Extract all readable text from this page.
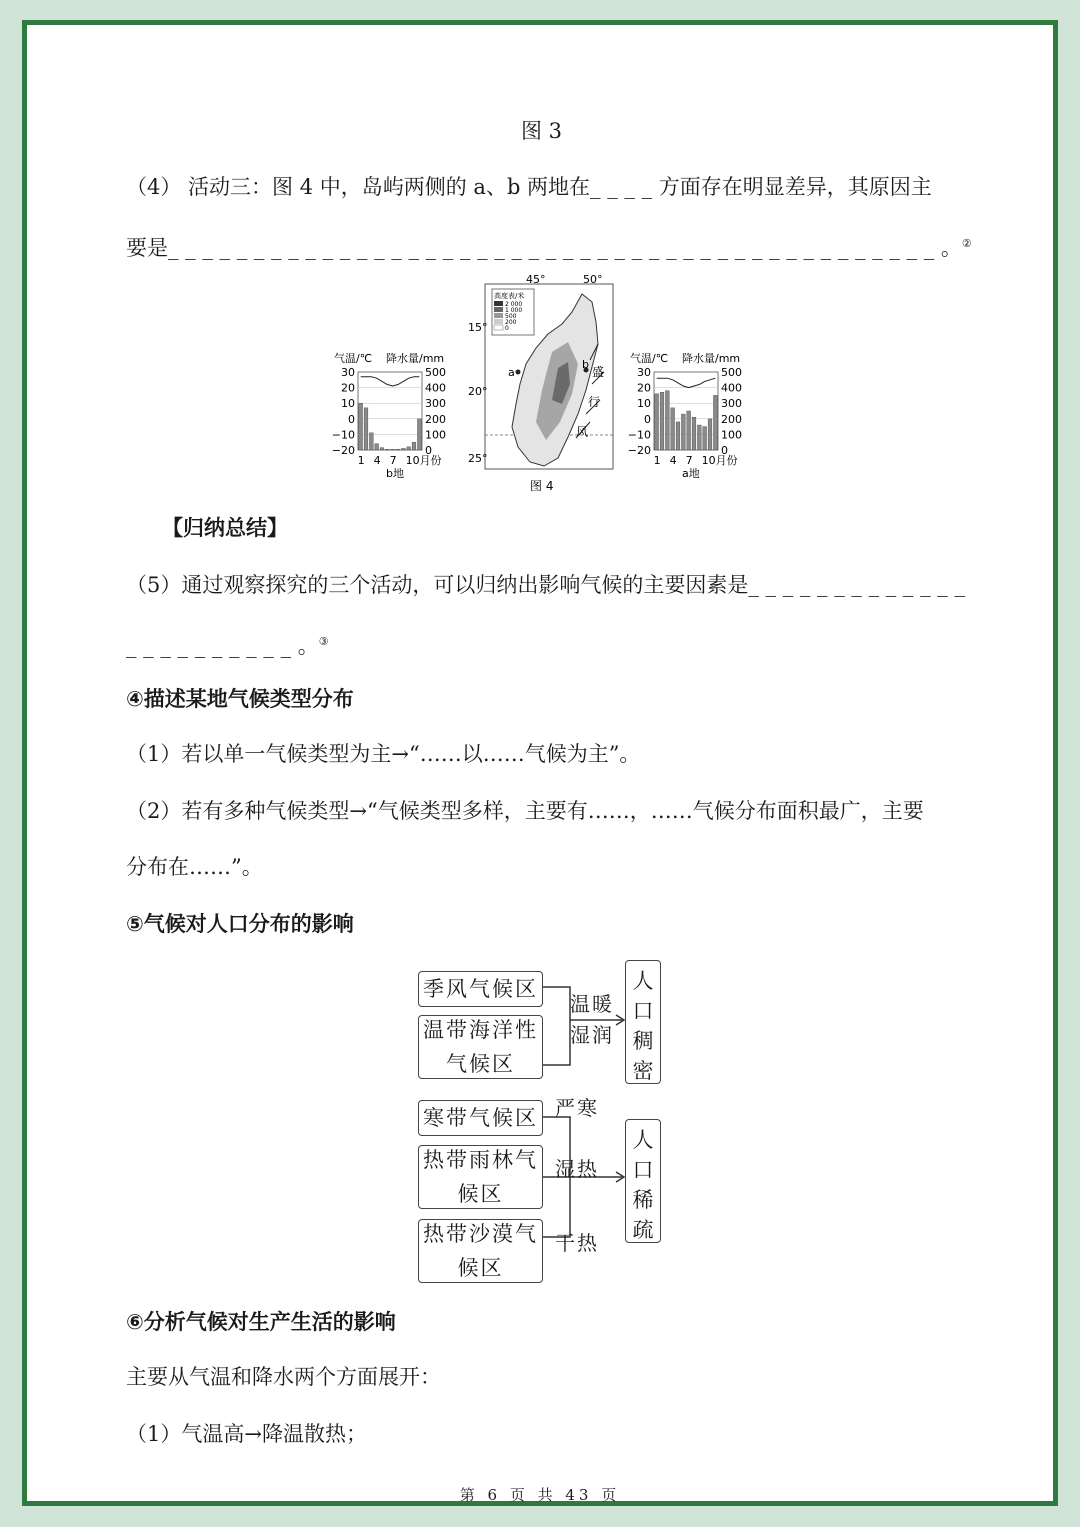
图 3
（4） 活动三：图 4 中，岛屿两侧的 a、b 两地在_ _ _ _ 方面存在明显差异，其原因主
要是_ _ _ _ _ _ _ _ _ _ _ _ _ _ _ _ _ _ _ _ _ _ _ _ _ _ _ _ _ _ _ _ _ _ _ _ _ _ _ _ _ _ _ _ _ 。②
气温/℃ 降水量/mm
30
20
10
0
−10
−20
500
400
300
200
100
0
1 4 7 10月份
b地
45°	50°
15°
20°
25°
高度表/米
2 000
1 000
500
200
0
a
b
盛
行
风
图 4
气温/℃ 降水量/mm
30
20
10
0
−10
−20
500
400
300
200
100
0
1 4 7 10月份
a地
【归纳总结】
（5）通过观察探究的三个活动，可以归纳出影响气候的主要因素是_ _ _ _ _ _ _ _ _ _ _ _ _
_ _ _ _ _ _ _ _ _ _ 。③
④描述某地气候类型分布
（1）若以单一气候类型为主→“……以……气候为主”。
（2）若有多种气候类型→“气候类型多样，主要有……，……气候分布面积最广，主要
分布在……”。
⑤气候对人口分布的影响
季风气候区
温带海洋性
气候区
温暖
湿润
人
口
稠
密
寒带气候区
热带雨林气
候区
热带沙漠气
候区
严寒
湿热
干热
人
口
稀
疏
⑥分析气候对生产生活的影响
主要从气温和降水两个方面展开：
（1）气温高→降温散热；
第 6 页 共 43 页
